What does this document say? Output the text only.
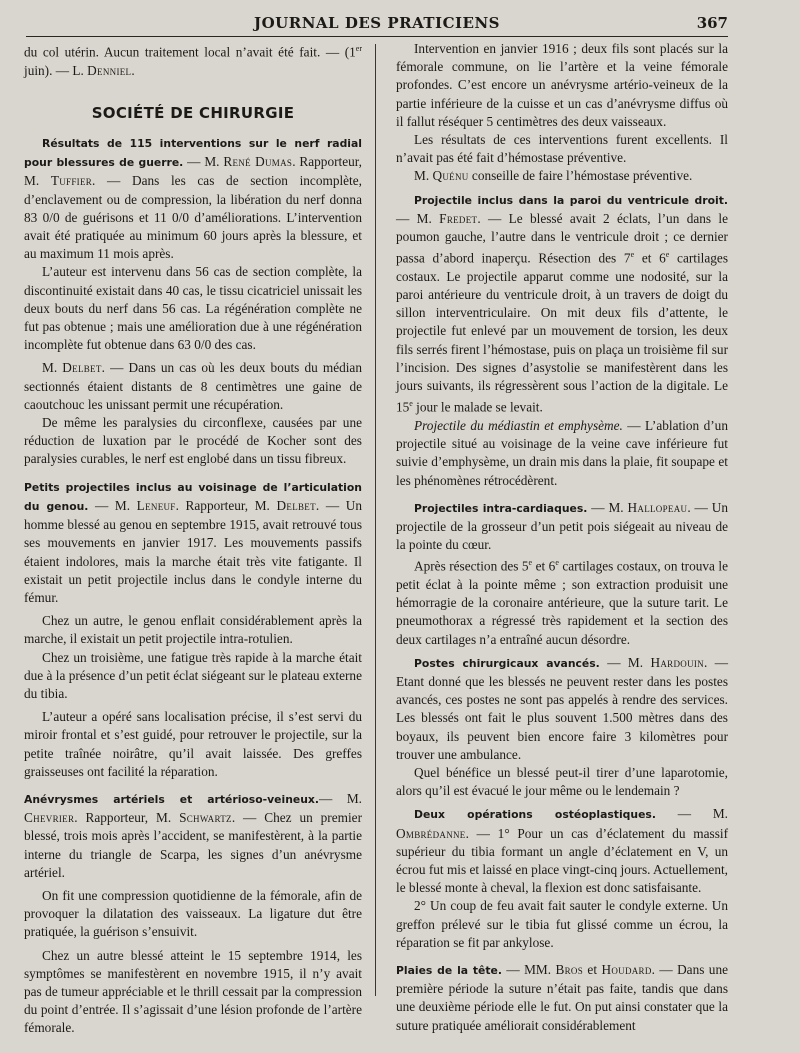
JOURNAL DES PRATICIENS	367

du col utérin. Aucun traitement local n’avait été fait. — (1er juin). — L. Denniel.

SOCIÉTÉ DE CHIRURGIE

Résultats de 115 interventions sur le nerf radial pour blessures de guerre. — M. René Dumas. Rapporteur, M. Tuffier. — Dans les cas de section incomplète, d’enclavement ou de compression, la libération du nerf donna 83 0/0 de guérisons et 11 0/0 d’améliorations. L’intervention avait été pratiquée au minimum 60 jours après la blessure, et au maximum 11 mois après.

L’auteur est intervenu dans 56 cas de section complète, la discontinuité existait dans 40 cas, le tissu cicatriciel unissait les deux bouts du nerf dans 56 cas. La régénération complète ne fut pas obtenue ; mais une amélioration due à une régénération incomplète fut obtenue dans 63 0/0 des cas.

M. Delbet. — Dans un cas où les deux bouts du médian sectionnés étaient distants de 8 centimètres une gaine de caoutchouc les unissant permit une récupération.

De même les paralysies du circonflexe, causées par une réduction de luxation par le procédé de Kocher sont des paralysies curables, le nerf est englobé dans un tissu fibreux.

Petits projectiles inclus au voisinage de l’articulation du genou. — M. Leneuf. Rapporteur, M. Delbet. — Un homme blessé au genou en septembre 1915, avait retrouvé tous ses mouvements en janvier 1917. Les mouvements passifs étaient indolores, mais la marche était très vite fatigante. Il existait un petit projectile inclus dans le condyle interne du fémur.

Chez un autre, le genou enflait considérablement après la marche, il existait un petit projectile intra-rotulien.

Chez un troisième, une fatigue très rapide à la marche était due à la présence d’un petit éclat siégeant sur le plateau externe du tibia.

L’auteur a opéré sans localisation précise, il s’est servi du miroir frontal et s’est guidé, pour retrouver le projectile, sur la petite traînée noirâtre, qu’il avait laissée. Des greffes graisseuses ont facilité la réparation.

Anévrysmes artériels et artérioso-veineux.— M. Chevrier. Rapporteur, M. Schwartz. — Chez un premier blessé, trois mois après l’accident, se manifestèrent, à la partie interne du triangle de Scarpa, les signes d’un anévrysme artériel.

On fit une compression quotidienne de la fémorale, afin de provoquer la dilatation des vaisseaux. La ligature dut être pratiquée, la guérison s’ensuivit.

Chez un autre blessé atteint le 15 septembre 1914, les symptômes se manifestèrent en novembre 1915, il n’y avait pas de tumeur appréciable et le thrill cessait par la compression du point d’entrée. Il s’agissait d’une lésion profonde de l’artère fémorale.

Intervention en janvier 1916 ; deux fils sont placés sur la fémorale commune, on lie l’artère et la veine fémorale profondes. C’est encore un anévrysme artério-veineux de la partie inférieure de la cuisse et un cas d’anévrysme diffus où il fallut réséquer 5 centimètres des deux vaisseaux.

Les résultats de ces interventions furent excellents. Il n’avait pas été fait d’hémostase préventive.

M. Quénu conseille de faire l’hémostase préventive.

Projectile inclus dans la paroi du ventricule droit. — M. Fredet. — Le blessé avait 2 éclats, l’un dans le poumon gauche, l’autre dans le ventricule droit ; ce dernier passa d’abord inaperçu. Résection des 7e et 6e cartilages costaux. Le projectile apparut comme une nodosité, sur la paroi antérieure du ventricule droit, à un travers de doigt du sillon interventriculaire. On mit deux fils d’attente, le projectile fut enlevé par un mouvement de torsion, les deux fils serrés firent l’hémostase, puis on plaça un troisième fil sur l’incision. Des signes d’asystolie se manifestèrent dans les jours suivants, ils régressèrent sous l’action de la digitale. Le 15e jour le malade se levait.

Projectile du médiastin et emphysème. — L’ablation d’un projectile situé au voisinage de la veine cave inférieure fut suivie d’emphysème, un drain mis dans la plaie, fit soupape et les phénomènes rétrocédèrent.

Projectiles intra-cardiaques. — M. Hallopeau. — Un projectile de la grosseur d’un petit pois siégeait au niveau de la pointe du cœur.

Après résection des 5e et 6e cartilages costaux, on trouva le petit éclat à la pointe même ; son extraction produisit une hémorragie de la coronaire antérieure, que la suture tarit. Le pneumothorax a régressé très rapidement et la section des deux cartilages n’a entraîné aucun désordre.

Postes chirurgicaux avancés. — M. Hardouin. — Etant donné que les blessés ne peuvent rester dans les postes avancés, ces postes ne sont pas appelés à rendre des services. Les blessés ont fait le plus souvent 1.500 mètres dans des boyaux, ils peuvent bien encore faire 3 kilomètres pour trouver une ambulance.

Quel bénéfice un blessé peut-il tirer d’une laparotomie, alors qu’il est évacué le jour même ou le lendemain ?

Deux opérations ostéoplastiques. — M. Ombrédanne. — 1° Pour un cas d’éclatement du massif supérieur du tibia formant un angle d’éclatement en V, un écrou fut mis et laissé en place vingt-cinq jours. Actuellement, le blessé monte à cheval, la flexion est donc satisfaisante.

2° Un coup de feu avait fait sauter le condyle externe. Un greffon prélevé sur le tibia fut glissé comme un écrou, la réparation se fit par ankylose.

Plaies de la tête. — MM. Bros et Houdard. — Dans une première période la suture n’était pas faite, tandis que dans une deuxième période elle le fut. On put ainsi constater que la suture pratiquée améliorait considérablement
